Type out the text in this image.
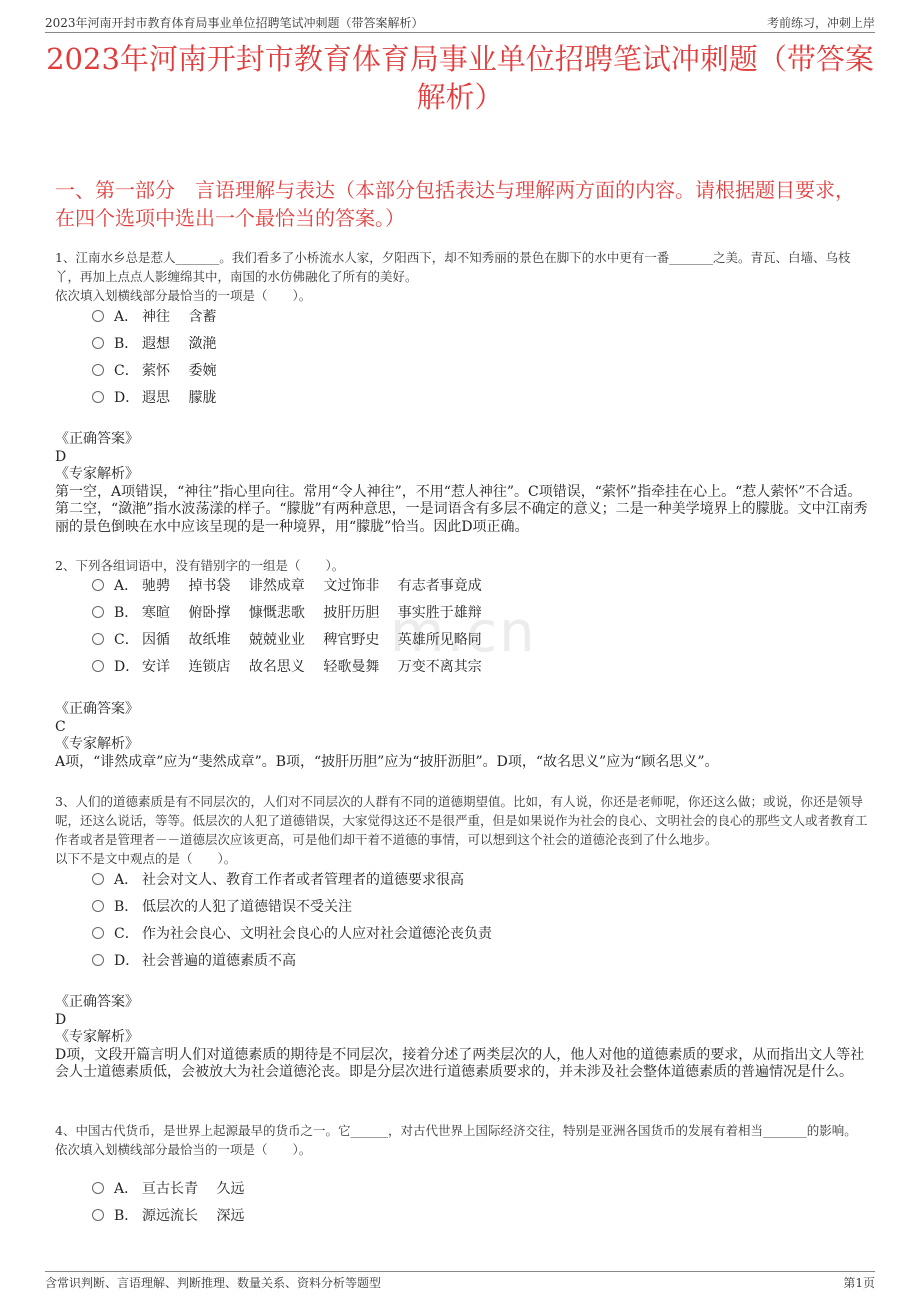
2023年河南开封市教育体育局事业单位招聘笔试冲刺题（带答案解析）	考前练习，冲刺上岸
m.cn
2023年河南开封市教育体育局事业单位招聘笔试冲刺题（带答案解析）
一、第一部分　言语理解与表达（本部分包括表达与理解两方面的内容。请根据题目要求，在四个选项中选出一个最恰当的答案。）
1、江南水乡总是惹人_______。我们看多了小桥流水人家，夕阳西下，却不知秀丽的景色在脚下的水中更有一番_______之美。青瓦、白墙、乌枝丫，再加上点点人影缠绵其中，南国的水仿佛融化了所有的美好。
依次填入划横线部分最恰当的一项是（　　）。
A． 神往　 含蓄
B． 遐想　 潋滟
C． 萦怀　 委婉
D． 遐思　 朦胧

《正确答案》

D

《专家解析》

第一空，A项错误，“神往”指心里向往。常用“令人神往”，不用“惹人神往”。C项错误，“萦怀”指牵挂在心上。“惹人萦怀”不合适。第二空，“潋滟”指水波荡漾的样子。“朦胧”有两种意思，一是词语含有多层不确定的意义；二是一种美学境界上的朦胧。文中江南秀丽的景色倒映在水中应该呈现的是一种境界，用“朦胧”恰当。因此D项正确。

2、下列各组词语中，没有错别字的一组是（　　）。
A． 驰骋　 掉书袋　 诽然成章　 文过饰非　 有志者事竟成
B． 寒暄　 俯卧撑　 慷慨悲歌　 披肝历胆　 事实胜于雄辩
C． 因循　 故纸堆　 兢兢业业　 稗官野史　 英雄所见略同
D． 安详　 连锁店　 故名思义　 轻歌曼舞　 万变不离其宗

《正确答案》

C

《专家解析》

A项，“诽然成章”应为“斐然成章”。B项，“披肝历胆”应为“披肝沥胆”。D项，“故名思义”应为“顾名思义”。

3、人们的道德素质是有不同层次的，人们对不同层次的人群有不同的道德期望值。比如，有人说，你还是老师呢，你还这么做；或说，你还是领导呢，还这么说话，等等。低层次的人犯了道德错误，大家觉得这还不是很严重，但是如果说作为社会的良心、文明社会的良心的那些文人或者教育工作者或者是管理者－－道德层次应该更高，可是他们却干着不道德的事情，可以想到这个社会的道德沦丧到了什么地步。
以下不是文中观点的是（　　）。
A． 社会对文人、教育工作者或者管理者的道德要求很高
B． 低层次的人犯了道德错误不受关注
C． 作为社会良心、文明社会良心的人应对社会道德沦丧负责
D． 社会普遍的道德素质不高

《正确答案》

D

《专家解析》

D项，文段开篇言明人们对道德素质的期待是不同层次，接着分述了两类层次的人，他人对他的道德素质的要求，从而指出文人等社会人士道德素质低，会被放大为社会道德沦丧。即是分层次进行道德素质要求的，并未涉及社会整体道德素质的普遍情况是什么。

4、中国古代货币，是世界上起源最早的货币之一。它______，对古代世界上国际经济交往，特别是亚洲各国货币的发展有着相当_______的影响。
依次填入划横线部分最恰当的一项是（　　）。
A． 亘古长青　 久远
B． 源远流长　 深远
含常识判断、言语理解、判断推理、数量关系、资料分析等题型	第1页
